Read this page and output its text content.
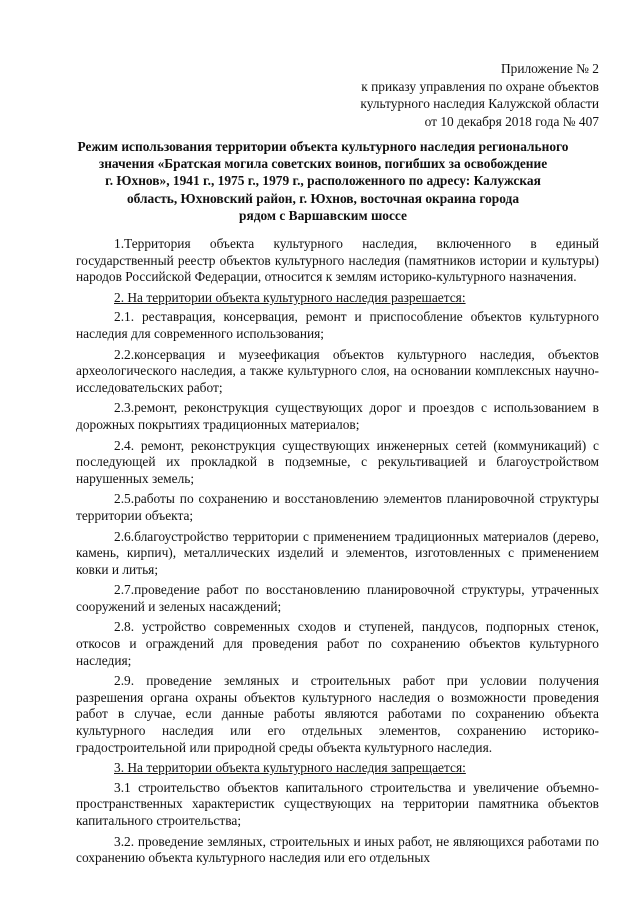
Приложение № 2
к приказу управления по охране объектов
культурного наследия Калужской области
от 10 декабря 2018 года № 407
Режим использования территории объекта культурного наследия регионального
значения «Братская могила советских воинов, погибших за освобождение
г. Юхнов», 1941 г., 1975 г., 1979 г., расположенного по адресу: Калужская
область, Юхновский район, г. Юхнов, восточная окраина города
рядом с Варшавским шоссе

1.Территория объекта культурного наследия, включенного в единый государственный реестр объектов культурного наследия (памятников истории и культуры) народов Российской Федерации, относится к землям историко-культурного назначения.

2. На территории объекта культурного наследия разрешается:

2.1. реставрация, консервация, ремонт и приспособление объектов культурного наследия для современного использования;

2.2.консервация и музеефикация объектов культурного наследия, объектов археологического наследия, а также культурного слоя, на основании комплексных научно-исследовательских работ;

2.3.ремонт, реконструкция существующих дорог и проездов с использованием в дорожных покрытиях традиционных материалов;

2.4. ремонт, реконструкция существующих инженерных сетей (коммуникаций) с последующей их прокладкой в подземные, с рекультивацией и благоустройством нарушенных земель;

2.5.работы по сохранению и восстановлению элементов планировочной структуры территории объекта;

2.6.благоустройство территории с применением традиционных материалов (дерево, камень, кирпич), металлических изделий и элементов, изготовленных с применением ковки и литья;

2.7.проведение работ по восстановлению планировочной структуры, утраченных сооружений и зеленых насаждений;

2.8. устройство современных сходов и ступеней, пандусов, подпорных стенок, откосов и ограждений для проведения работ по сохранению объектов культурного наследия;

2.9. проведение земляных и строительных работ при условии получения разрешения органа охраны объектов культурного наследия о возможности проведения работ в случае, если данные работы являются работами по сохранению объекта культурного наследия или его отдельных элементов, сохранению историко-градостроительной или природной среды объекта культурного наследия.

3. На территории объекта культурного наследия запрещается:

3.1 строительство объектов капитального строительства и увеличение объемно-пространственных характеристик существующих на территории памятника объектов капитального строительства;

3.2. проведение земляных, строительных и иных работ, не являющихся работами по сохранению объекта культурного наследия или его отдельных
